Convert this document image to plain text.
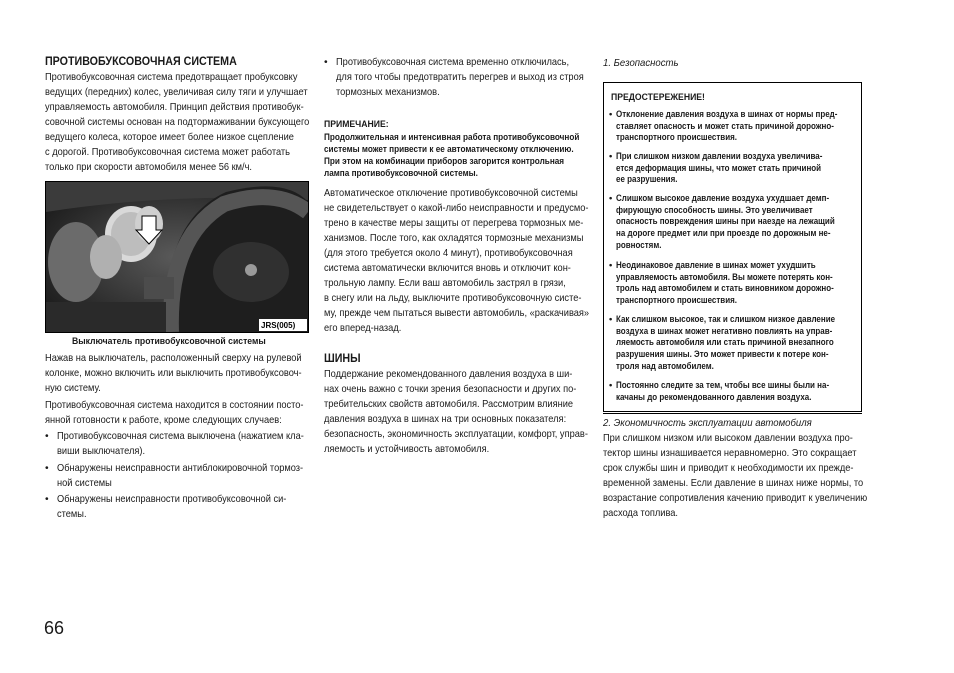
ПРОТИВОБУКСОВОЧНАЯ СИСТЕМА
Противобуксовочная система предотвращает пробуксовку
ведущих (передних) колес, увеличивая силу тяги и улучшает
управляемость автомобиля. Принцип действия противобук-
совочной системы основан на подтормаживании буксующего
ведущего колеса, которое имеет более низкое сцепление
с дорогой. Противобуксовочная система может работать
только при скорости автомобиля менее 56 км/ч.
JRS(005)
Выключатель противобуксовочной системы
Нажав на выключатель, расположенный сверху на рулевой
колонке, можно включить или выключить противобуксовоч-
ную систему.
Противобуксовочная система находится в состоянии посто-
янной готовности к работе, кроме следующих случаев:
• Противобуксовочная система выключена (нажатием кла-
виши выключателя).
• Обнаружены неисправности антиблокировочной тормоз-
ной системы
• Обнаружены неисправности противобуксовочной си-
стемы.
• Противобуксовочная система временно отключилась,
для того чтобы предотвратить перегрев и выход из строя
тормозных механизмов.
ПРИМЕЧАНИЕ:
Продолжительная и интенсивная работа противобуксовочной
системы может привести к ее автоматическому отключению.
При этом на комбинации приборов загорится контрольная
лампа противобуксовочной системы.
Автоматическое отключение противобуксовочной системы
не свидетельствует о какой-либо неисправности и предусмо-
трено в качестве меры защиты от перегрева тормозных ме-
ханизмов. После того, как охладятся тормозные механизмы
(для этого требуется около 4 минут), противобуксовочная
система автоматически включится вновь и отключит кон-
трольную лампу. Если ваш автомобиль застрял в грязи,
в снегу или на льду, выключите противобуксовочную систе-
му, прежде чем пытаться вывести автомобиль, «раскачивая»
его вперед-назад.
ШИНЫ
Поддержание рекомендованного давления воздуха в ши-
нах очень важно с точки зрения безопасности и других по-
требительских свойств автомобиля. Рассмотрим влияние
давления воздуха в шинах на три основных показателя:
безопасность, экономичность эксплуатации, комфорт, управ-
ляемость и устойчивость автомобиля.
1. Безопасность
ПРЕДОСТЕРЕЖЕНИЕ!
• Отклонение давления воздуха в шинах от нормы пред-
ставляет опасность и может стать причиной дорожно-
транспортного происшествия.
• При слишком низком давлении воздуха увеличива-
ется деформация шины, что может стать причиной
ее разрушения.
• Слишком высокое давление воздуха ухудшает демп-
фирующую способность шины. Это увеличивает
опасность повреждения шины при наезде на лежащий
на дороге предмет или при проезде по дорожным не-
ровностям.
• Неодинаковое давление в шинах может ухудшить
управляемость автомобиля. Вы можете потерять кон-
троль над автомобилем и стать виновником дорожно-
транспортного происшествия.
• Как слишком высокое, так и слишком низкое давление
воздуха в шинах может негативно повлиять на управ-
ляемость автомобиля или стать причиной внезапного
разрушения шины. Это может привести к потере кон-
троля над автомобилем.
• Постоянно следите за тем, чтобы все шины были на-
качаны до рекомендованного давления воздуха.
2. Экономичность эксплуатации автомобиля
При слишком низком или высоком давлении воздуха про-
тектор шины изнашивается неравномерно. Это сокращает
срок службы шин и приводит к необходимости их прежде-
временной замены. Если давление в шинах ниже нормы, то
возрастание сопротивления качению приводит к увеличению
расхода топлива.
66
